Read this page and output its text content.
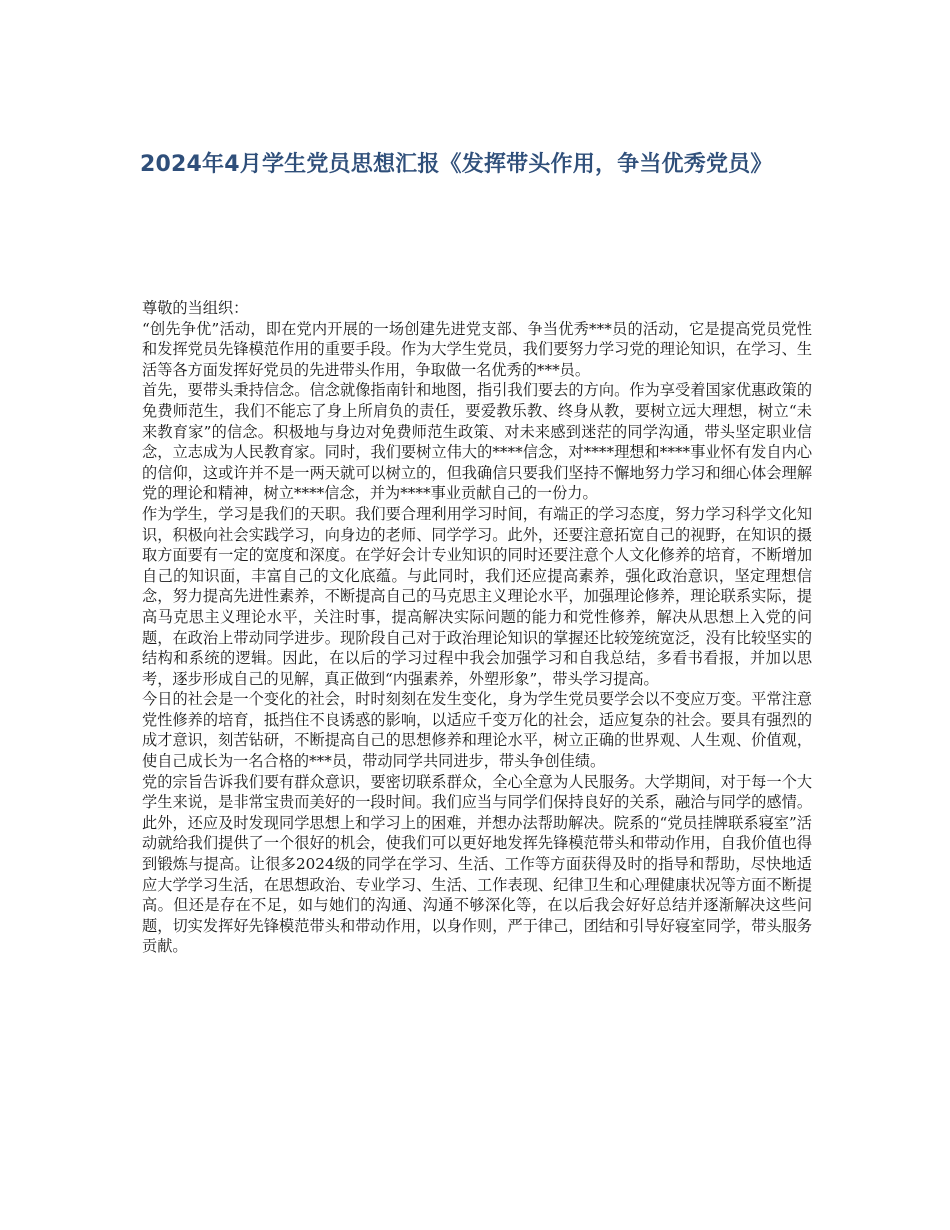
2024年4月学生党员思想汇报《发挥带头作用，争当优秀党员》

尊敬的当组织：

“创先争优”活动，即在党内开展的一场创建先进党支部、争当优秀***员的活动，它是提高党员党性和发挥党员先锋模范作用的重要手段。作为大学生党员，我们要努力学习党的理论知识，在学习、生活等各方面发挥好党员的先进带头作用，争取做一名优秀的***员。

首先，要带头秉持信念。信念就像指南针和地图，指引我们要去的方向。作为享受着国家优惠政策的免费师范生，我们不能忘了身上所肩负的责任，要爱教乐教、终身从教，要树立远大理想，树立“未来教育家”的信念。积极地与身边对免费师范生政策、对未来感到迷茫的同学沟通，带头坚定职业信念，立志成为人民教育家。同时，我们要树立伟大的****信念，对****理想和****事业怀有发自内心的信仰，这或许并不是一两天就可以树立的，但我确信只要我们坚持不懈地努力学习和细心体会理解党的理论和精神，树立****信念，并为****事业贡献自己的一份力。

作为学生，学习是我们的天职。我们要合理利用学习时间，有端正的学习态度，努力学习科学文化知识，积极向社会实践学习，向身边的老师、同学学习。此外，还要注意拓宽自己的视野，在知识的摄取方面要有一定的宽度和深度。在学好会计专业知识的同时还要注意个人文化修养的培育，不断增加自己的知识面，丰富自己的文化底蕴。与此同时，我们还应提高素养，强化政治意识，坚定理想信念，努力提高先进性素养，不断提高自己的马克思主义理论水平，加强理论修养，理论联系实际，提高马克思主义理论水平，关注时事，提高解决实际问题的能力和党性修养，解决从思想上入党的问题，在政治上带动同学进步。现阶段自己对于政治理论知识的掌握还比较笼统宽泛，没有比较坚实的结构和系统的逻辑。因此，在以后的学习过程中我会加强学习和自我总结，多看书看报，并加以思考，逐步形成自己的见解，真正做到“内强素养，外塑形象”，带头学习提高。

今日的社会是一个变化的社会，时时刻刻在发生变化，身为学生党员要学会以不变应万变。平常注意党性修养的培育，抵挡住不良诱惑的影响，以适应千变万化的社会，适应复杂的社会。要具有强烈的成才意识，刻苦钻研，不断提高自己的思想修养和理论水平，树立正确的世界观、人生观、价值观，使自己成长为一名合格的***员，带动同学共同进步，带头争创佳绩。

党的宗旨告诉我们要有群众意识，要密切联系群众，全心全意为人民服务。大学期间，对于每一个大学生来说，是非常宝贵而美好的一段时间。我们应当与同学们保持良好的关系，融洽与同学的感情。此外，还应及时发现同学思想上和学习上的困难，并想办法帮助解决。院系的“党员挂牌联系寝室”活动就给我们提供了一个很好的机会，使我们可以更好地发挥先锋模范带头和带动作用，自我价值也得到锻炼与提高。让很多2024级的同学在学习、生活、工作等方面获得及时的指导和帮助，尽快地适应大学学习生活，在思想政治、专业学习、生活、工作表现、纪律卫生和心理健康状况等方面不断提高。但还是存在不足，如与她们的沟通、沟通不够深化等，在以后我会好好总结并逐渐解决这些问题，切实发挥好先锋模范带头和带动作用，以身作则，严于律己，团结和引导好寝室同学，带头服务贡献。
